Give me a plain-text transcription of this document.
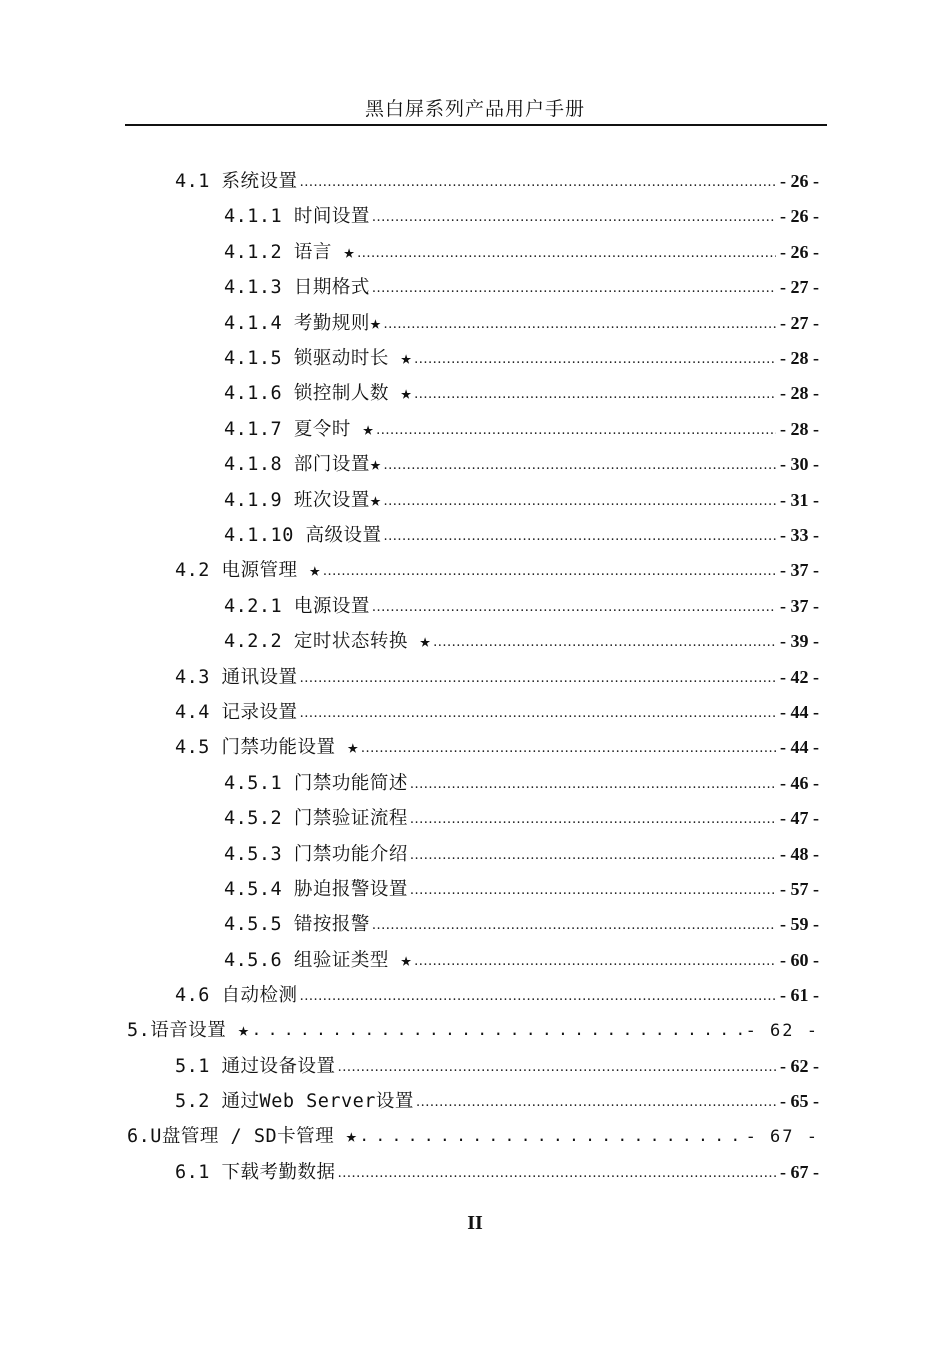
黑白屏系列产品用户手册
4.1 系统设置 .....	- 26 -
4.1.1 时间设置 .....	- 26 -
4.1.2 语言 ★ .....	- 26 -
4.1.3 日期格式 .....	- 27 -
4.1.4 考勤规则★ .....	- 27 -
4.1.5 锁驱动时长 ★ .....	- 28 -
4.1.6 锁控制人数 ★ .....	- 28 -
4.1.7 夏令时 ★ .....	- 28 -
4.1.8 部门设置★ .....	- 30 -
4.1.9 班次设置★ .....	- 31 -
4.1.10 高级设置 .....	- 33 -
4.2 电源管理 ★ .....	- 37 -
4.2.1 电源设置 .....	- 37 -
4.2.2 定时状态转换 ★ .....	- 39 -
4.3 通讯设置 .....	- 42 -
4.4 记录设置 .....	- 44 -
4.5 门禁功能设置 ★ .....	- 44 -
4.5.1 门禁功能简述 .....	- 46 -
4.5.2 门禁验证流程 .....	- 47 -
4.5.3 门禁功能介绍 .....	- 48 -
4.5.4 胁迫报警设置 .....	- 57 -
4.5.5 错按报警 .....	- 59 -
4.5.6 组验证类型 ★ .....	- 60 -
4.6 自动检测 .....	- 61 -
5.语音设置 ★ .....	- 62 -
5.1 通过设备设置 .....	- 62 -
5.2 通过Web Server设置 .....	- 65 -
6.U盘管理 / SD卡管理 ★ .....	- 67 -
6.1 下载考勤数据 .....	- 67 -
II
